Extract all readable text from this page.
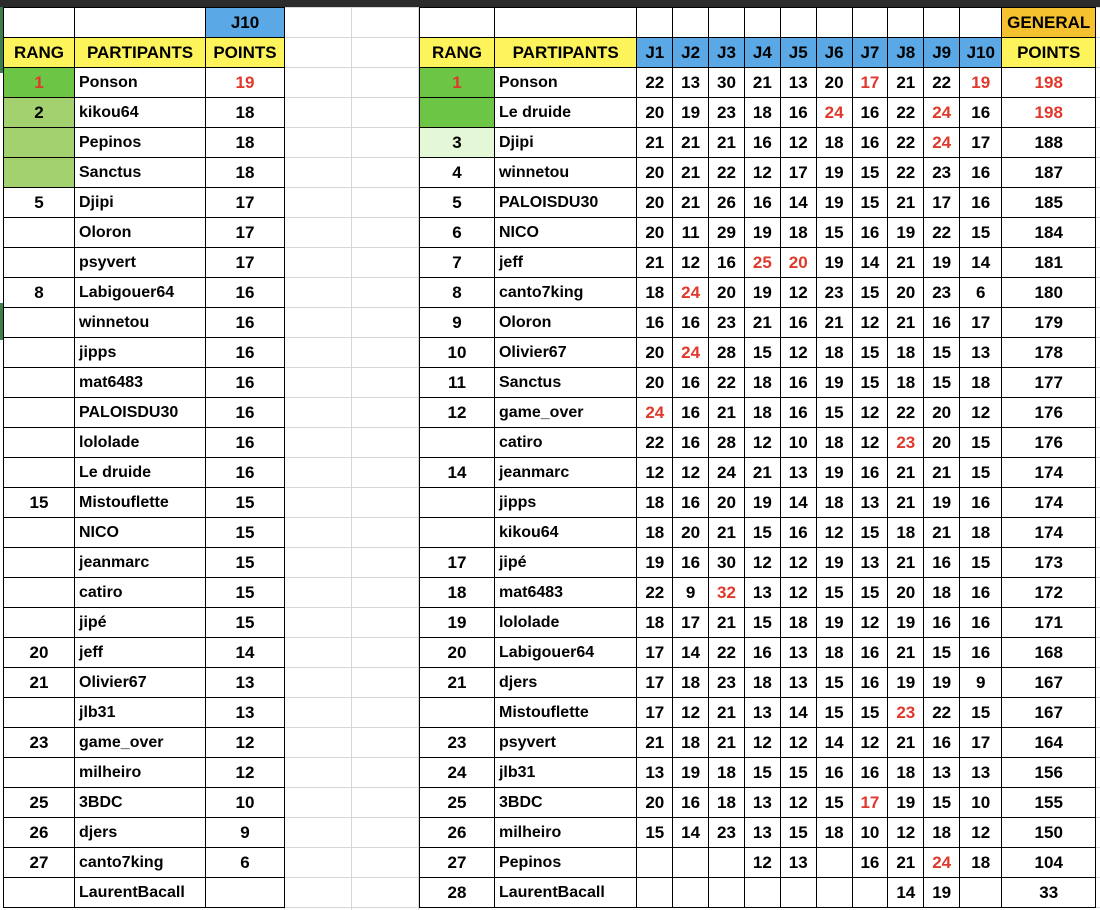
		J10
RANG	PARTIPANTS	POINTS
1	Ponson	19
2	kikou64	18
	Pepinos	18
	Sanctus	18
5	Djipi	17
	Oloron	17
	psyvert	17
8	Labigouer64	16
	winnetou	16
	jipps	16
	mat6483	16
	PALOISDU30	16
	lololade	16
	Le druide	16
15	Mistouflette	15
	NICO	15
	jeanmarc	15
	catiro	15
	jipé	15
20	jeff	14
21	Olivier67	13
	jlb31	13
23	game_over	12
	milheiro	12
25	3BDC	10
26	djers	9
27	canto7king	6
	LaurentBacall	
												GENERAL
RANG	PARTIPANTS	J1	J2	J3	J4	J5	J6	J7	J8	J9	J10	POINTS
1	Ponson	22	13	30	21	13	20	17	21	22	19	198
	Le druide	20	19	23	18	16	24	16	22	24	16	198
3	Djipi	21	21	21	16	12	18	16	22	24	17	188
4	winnetou	20	21	22	12	17	19	15	22	23	16	187
5	PALOISDU30	20	21	26	16	14	19	15	21	17	16	185
6	NICO	20	11	29	19	18	15	16	19	22	15	184
7	jeff	21	12	16	25	20	19	14	21	19	14	181
8	canto7king	18	24	20	19	12	23	15	20	23	6	180
9	Oloron	16	16	23	21	16	21	12	21	16	17	179
10	Olivier67	20	24	28	15	12	18	15	18	15	13	178
11	Sanctus	20	16	22	18	16	19	15	18	15	18	177
12	game_over	24	16	21	18	16	15	12	22	20	12	176
	catiro	22	16	28	12	10	18	12	23	20	15	176
14	jeanmarc	12	12	24	21	13	19	16	21	21	15	174
	jipps	18	16	20	19	14	18	13	21	19	16	174
	kikou64	18	20	21	15	16	12	15	18	21	18	174
17	jipé	19	16	30	12	12	19	13	21	16	15	173
18	mat6483	22	9	32	13	12	15	15	20	18	16	172
19	lololade	18	17	21	15	18	19	12	19	16	16	171
20	Labigouer64	17	14	22	16	13	18	16	21	15	16	168
21	djers	17	18	23	18	13	15	16	19	19	9	167
	Mistouflette	17	12	21	13	14	15	15	23	22	15	167
23	psyvert	21	18	21	12	12	14	12	21	16	17	164
24	jlb31	13	19	18	15	15	16	16	18	13	13	156
25	3BDC	20	16	18	13	12	15	17	19	15	10	155
26	milheiro	15	14	23	13	15	18	10	12	18	12	150
27	Pepinos				12	13		16	21	24	18	104
28	LaurentBacall								14	19		33
